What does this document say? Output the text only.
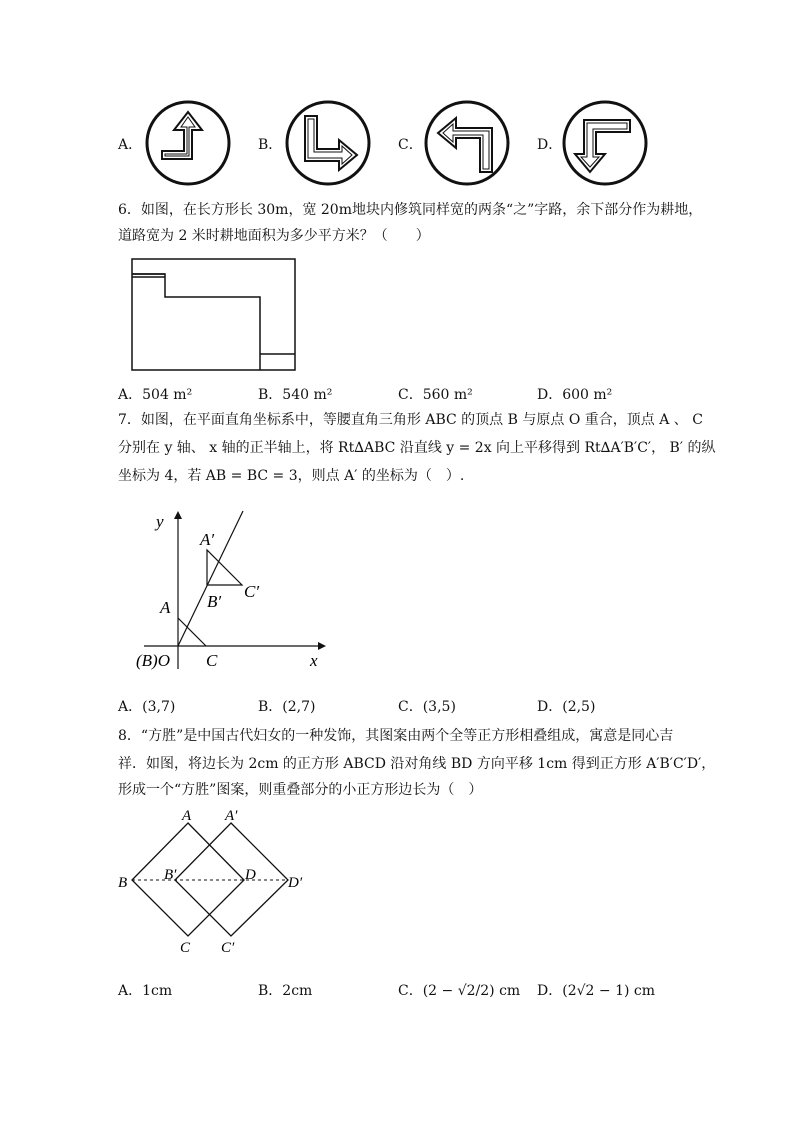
A．	B．	C．	D．
6．如图，在长方形长 30m，宽 20m地块内修筑同样宽的两条“之”字路，余下部分作为耕地，
道路宽为 2 米时耕地面积为多少平方米？（　　）
A．504 m²	B．540 m²	C．560 m²	D．600 m²
7．如图，在平面直角坐标系中，等腰直角三角形 ABC 的顶点 B 与原点 O 重合，顶点 A 、 C
分别在 y 轴、 x 轴的正半轴上，将 Rt∆ABC 沿直线 y = 2x 向上平移得到 Rt∆A′B′C′， B′ 的纵
坐标为 4，若 AB = BC = 3，则点 A′ 的坐标为（　）.
y
x
A′
B′
C′
A
C
(B)O
A．(3,7)	B．(2,7)	C．(3,5)	D．(2,5)
8．“方胜”是中国古代妇女的一种发饰，其图案由两个全等正方形相叠组成，寓意是同心吉
祥．如图，将边长为 2cm 的正方形 ABCD 沿对角线 BD 方向平移 1cm 得到正方形 A′B′C′D′，
形成一个“方胜”图案，则重叠部分的小正方形边长为（　）
A A′
B B′	D D′
C C′
A．1cm	B．2cm	C．(2 − √2/2) cm D．(2√2 − 1) cm
